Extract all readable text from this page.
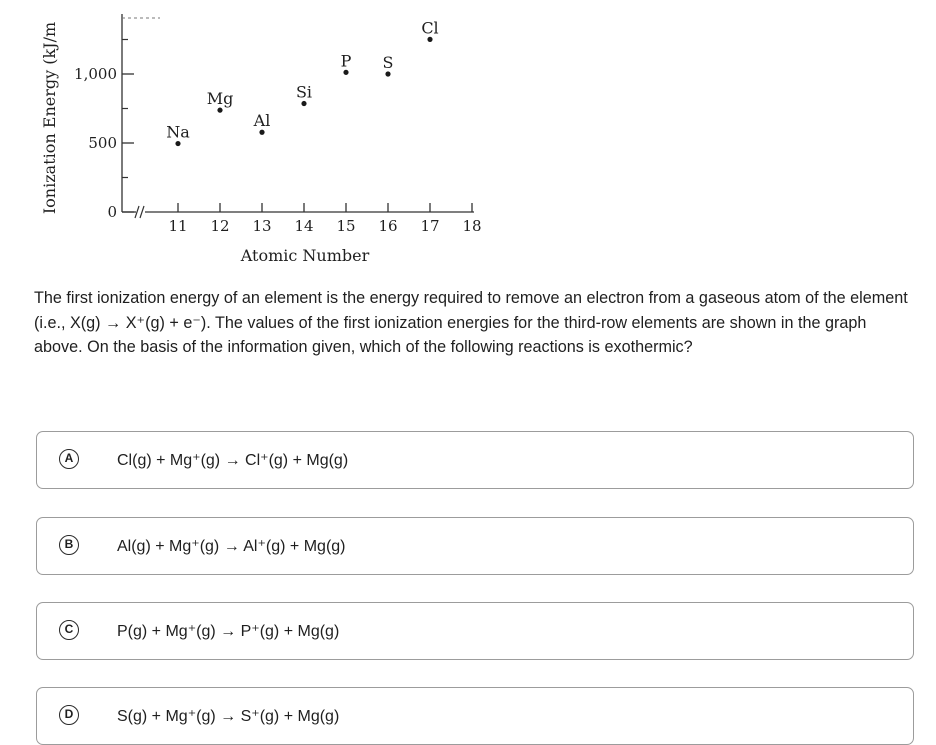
0
500
1,000
11 12 13 14 15 16 17 18
Na
Mg
Al
Si
P S
Cl
Atomic Number
Ionization Energy (kJ/m
The first ionization energy of an element is the energy required to remove an electron from a gaseous atom of the element (i.e., X(g) → X⁺(g) + e⁻). The values of the first ionization energies for the third-row elements are shown in the graph above. On the basis of the information given, which of the following reactions is exothermic?
A	Cl(g) + Mg⁺(g) → Cl⁺(g) + Mg(g)
B	Al(g) + Mg⁺(g) → Al⁺(g) + Mg(g)
C	P(g) + Mg⁺(g) → P⁺(g) + Mg(g)
D	S(g) + Mg⁺(g) → S⁺(g) + Mg(g)
